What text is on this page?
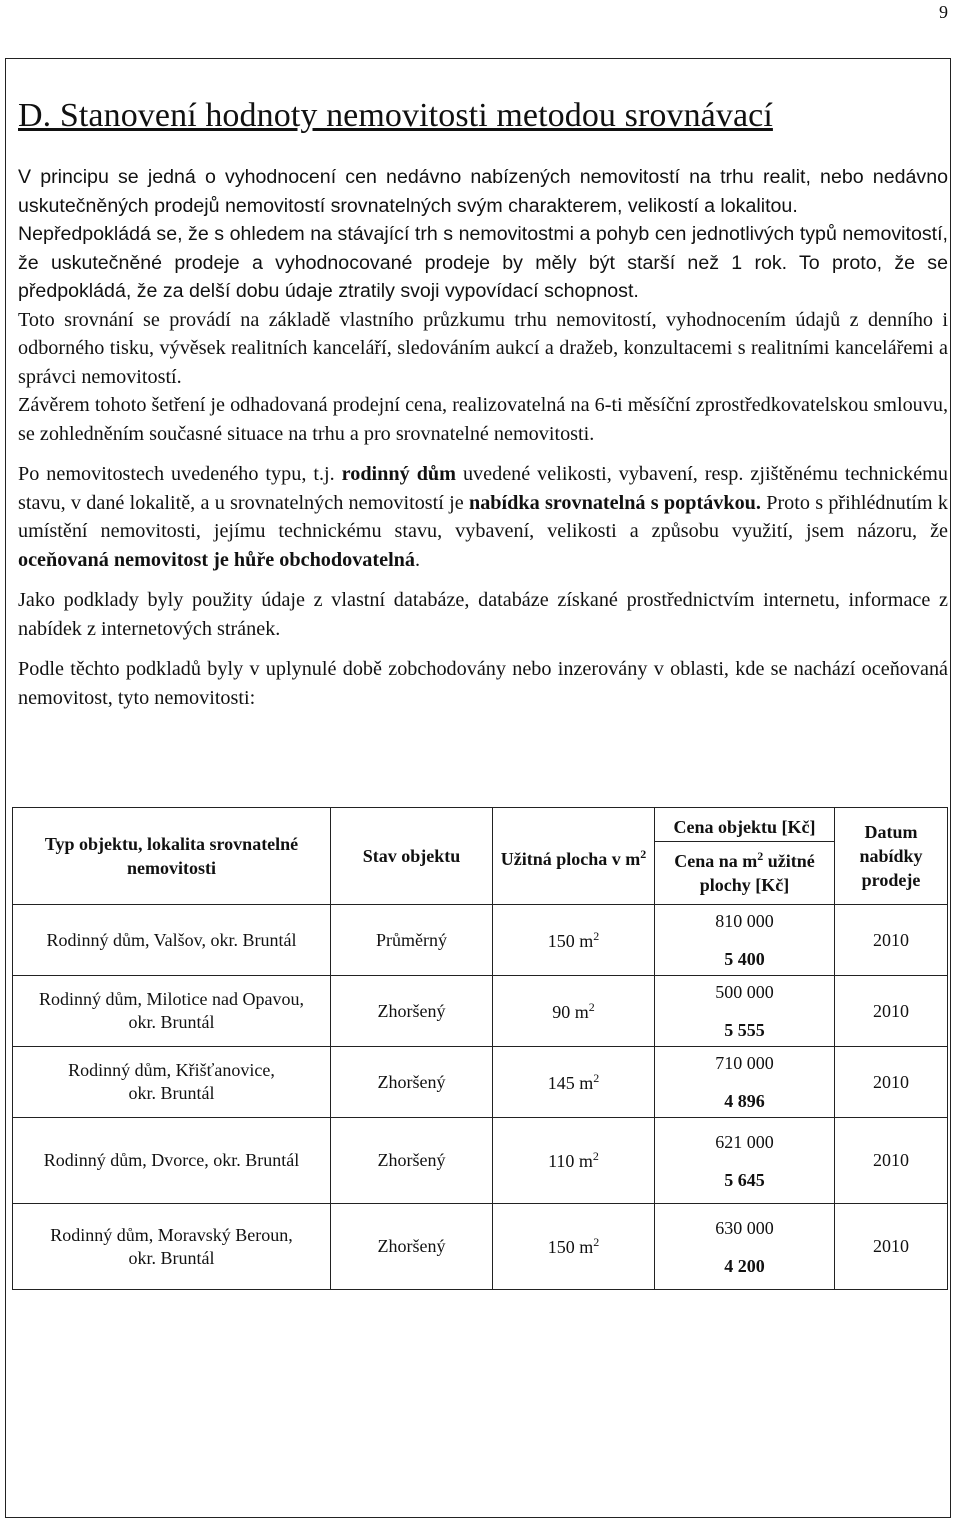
9
D. Stanovení hodnoty nemovitosti metodou srovnávací

V principu se jedná o vyhodnocení cen nedávno nabízených nemovitostí na trhu realit, nebo nedávno uskutečněných prodejů nemovitostí srovnatelných svým charakterem, velikostí a lokalitou.

Nepředpokládá se, že s ohledem na stávající trh s nemovitostmi a pohyb cen jednotlivých typů nemovitostí, že uskutečněné prodeje a vyhodnocované prodeje by měly být starší než 1 rok. To proto, že se předpokládá, že za delší dobu údaje ztratily svoji vypovídací schopnost.

Toto srovnání se provádí na základě vlastního průzkumu trhu nemovitostí, vyhodnocením údajů z denního i odborného tisku, vývěsek realitních kanceláří, sledováním aukcí a dražeb, konzultacemi s realitními kancelářemi a správci nemovitostí.

Závěrem tohoto šetření je odhadovaná prodejní cena, realizovatelná na 6-ti měsíční zprostředkovatelskou smlouvu, se zohledněním současné situace na trhu a pro srovnatelné nemovitosti.

Po nemovitostech uvedeného typu, t.j. rodinný dům uvedené velikosti, vybavení, resp. zjištěnému technickému stavu, v dané lokalitě, a u srovnatelných nemovitostí je nabídka srovnatelná s poptávkou. Proto s přihlédnutím k umístění nemovitosti, jejímu technickému stavu, vybavení, velikosti a způsobu využití, jsem názoru, že oceňovaná nemovitost je hůře obchodovatelná.

Jako podklady byly použity údaje z vlastní databáze, databáze získané prostřednictvím internetu, informace z nabídek z internetových stránek.

Podle těchto podkladů byly v uplynulé době zobchodovány nebo inzerovány v oblasti, kde se nachází oceňovaná nemovitost, tyto nemovitosti:

Typ objektu, lokalita srovnatelné nemovitosti	Stav objektu	Užitná plocha v $m^2$	Cena objektu [Kč]
Cena na $m^2$ užitné plochy [Kč]	Datum nabídky prodeje

Rodinný dům, Valšov, okr. Bruntál	Průměrný	150 $m^2$	810 000
5 400	2010

Rodinný dům, Milotice nad Opavou,
okr. Bruntál	Zhoršený	90 $m^2$	500 000
5 555	2010

Rodinný dům, Křišťanovice,
okr. Bruntál	Zhoršený	145 $m^2$	710 000
4 896	2010

Rodinný dům, Dvorce, okr. Bruntál	Zhoršený	110 $m^2$	621 000
5 645	2010

Rodinný dům, Moravský Beroun,
okr. Bruntál	Zhoršený	150 $m^2$	630 000
4 200	2010
